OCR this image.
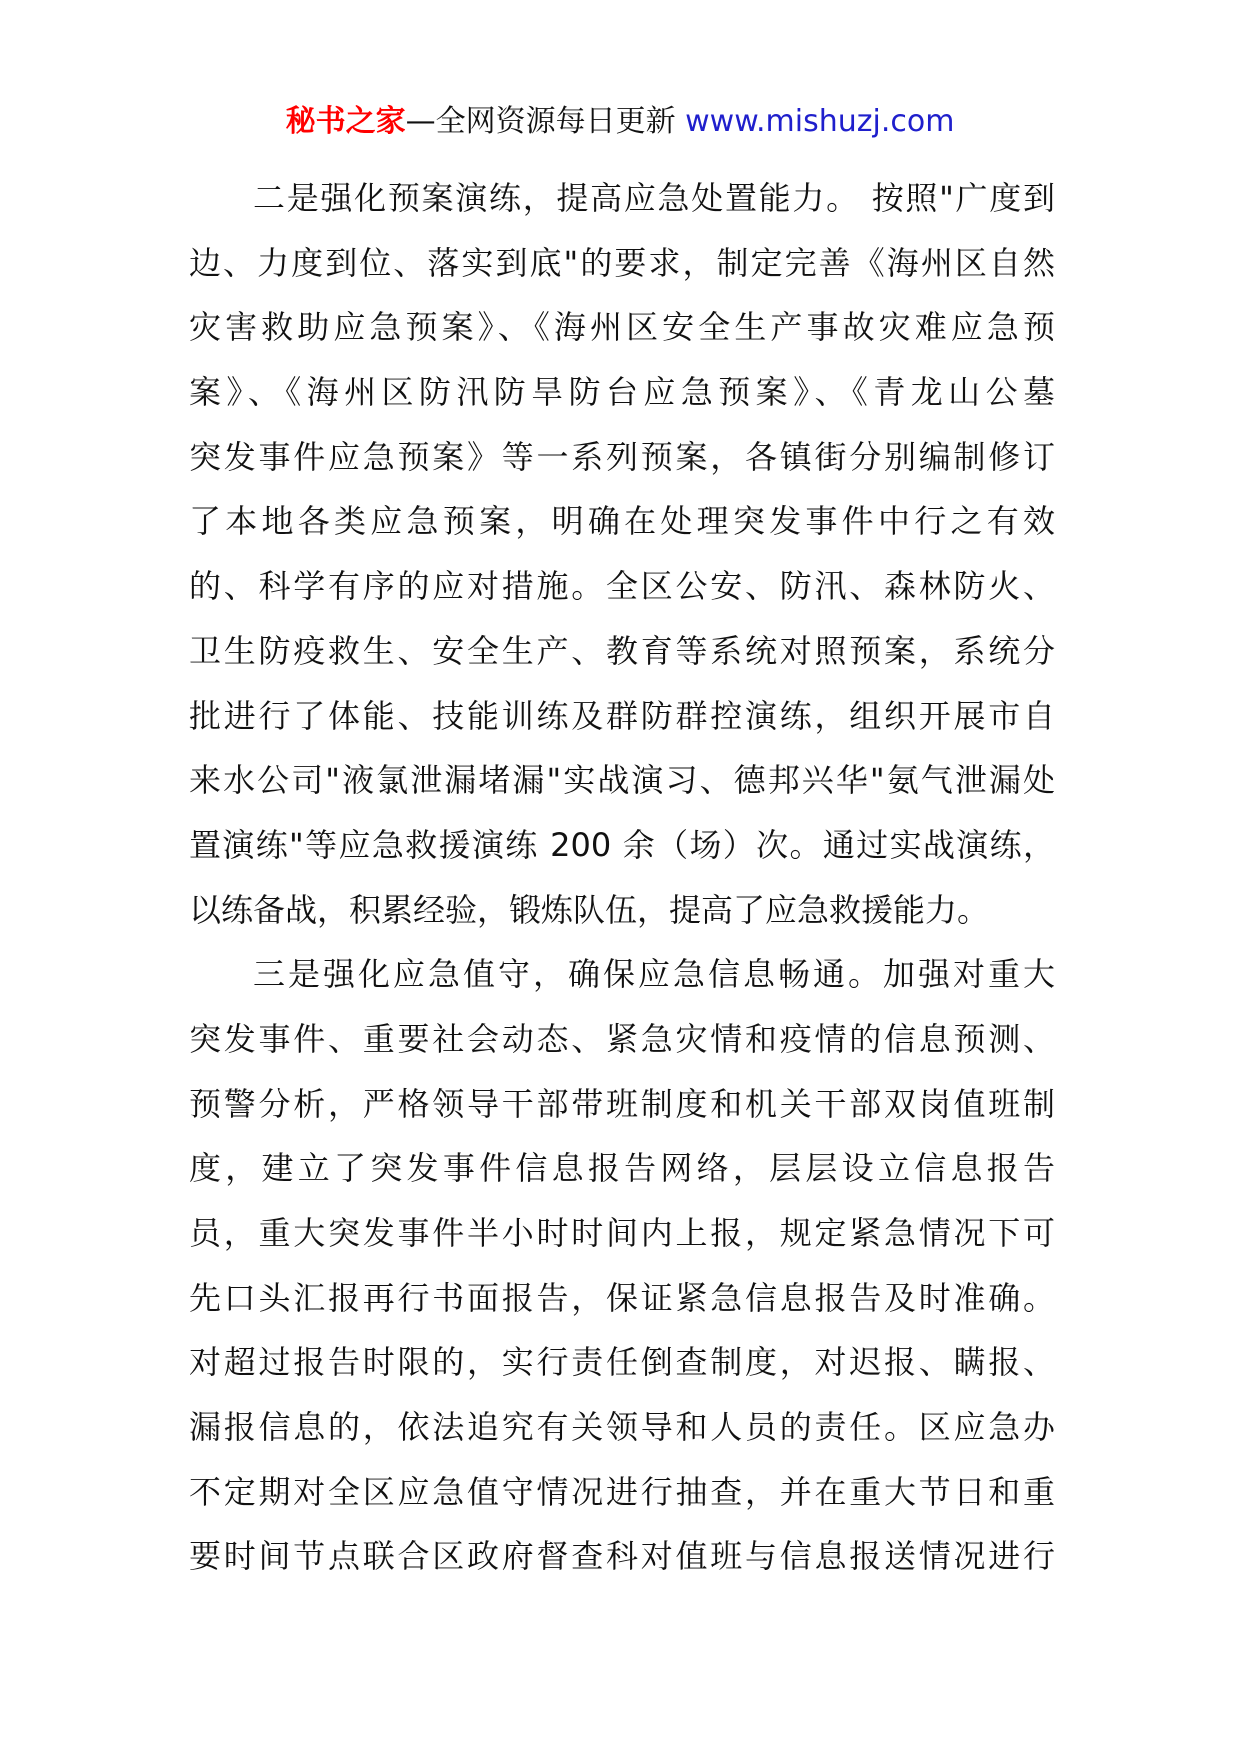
秘书之家—全网资源每日更新 www.mishuzj.com
二是强化预案演练，提高应急处置能力。 按照"广度到
边、力度到位、落实到底"的要求，制定完善《海州区自然
灾害救助应急预案》、《海州区安全生产事故灾难应急预
案》、《海州区防汛防旱防台应急预案》、《青龙山公墓
突发事件应急预案》等一系列预案，各镇街分别编制修订
了本地各类应急预案，明确在处理突发事件中行之有效
的、科学有序的应对措施。全区公安、防汛、森林防火、
卫生防疫救生、安全生产、教育等系统对照预案，系统分
批进行了体能、技能训练及群防群控演练，组织开展市自
来水公司"液氯泄漏堵漏"实战演习、德邦兴华"氨气泄漏处
置演练"等应急救援演练 200 余（场）次。通过实战演练，
以练备战，积累经验，锻炼队伍，提高了应急救援能力。
三是强化应急值守，确保应急信息畅通。加强对重大
突发事件、重要社会动态、紧急灾情和疫情的信息预测、
预警分析，严格领导干部带班制度和机关干部双岗值班制
度，建立了突发事件信息报告网络，层层设立信息报告
员，重大突发事件半小时时间内上报，规定紧急情况下可
先口头汇报再行书面报告，保证紧急信息报告及时准确。
对超过报告时限的，实行责任倒查制度，对迟报、瞒报、
漏报信息的，依法追究有关领导和人员的责任。区应急办
不定期对全区应急值守情况进行抽查，并在重大节日和重
要时间节点联合区政府督查科对值班与信息报送情况进行
